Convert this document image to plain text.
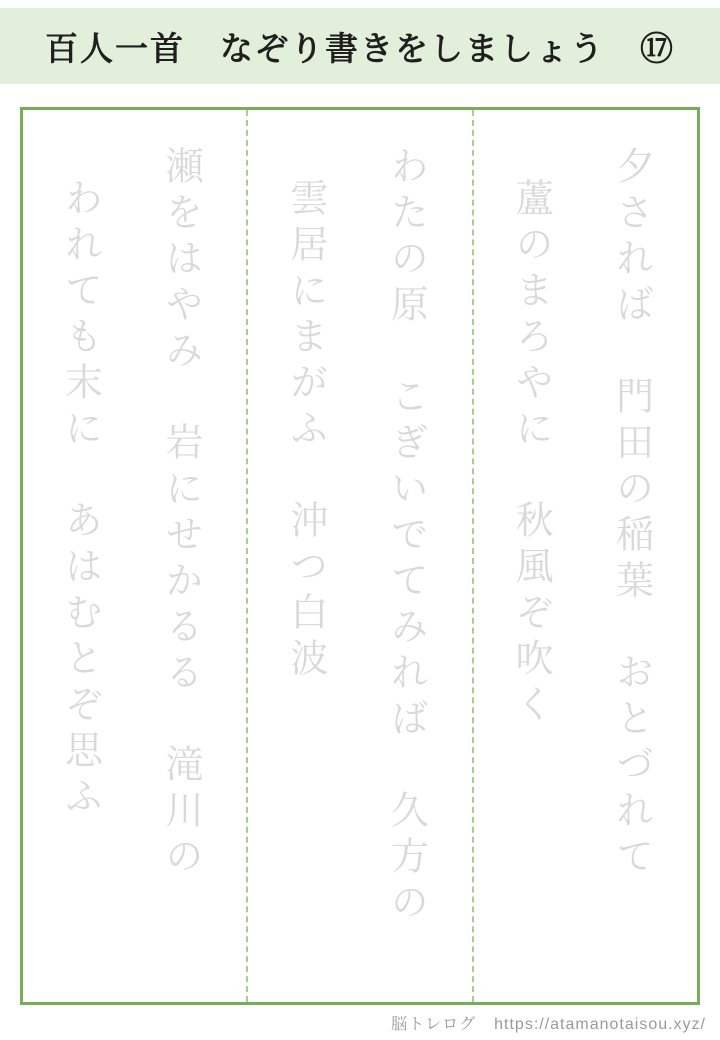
百人一首　なぞり書きをしましょう　⑰
瀬をはやみ　岩にせかるる　滝川の
われても末に　あはむとぞ思ふ	わたの原　こぎいでてみれば　久方の
雲居にまがふ　沖つ白波	夕されば　門田の稲葉　おとづれて
蘆のまろやに　秋風ぞ吹く
脳トレログ https://atamanotaisou.xyz/
